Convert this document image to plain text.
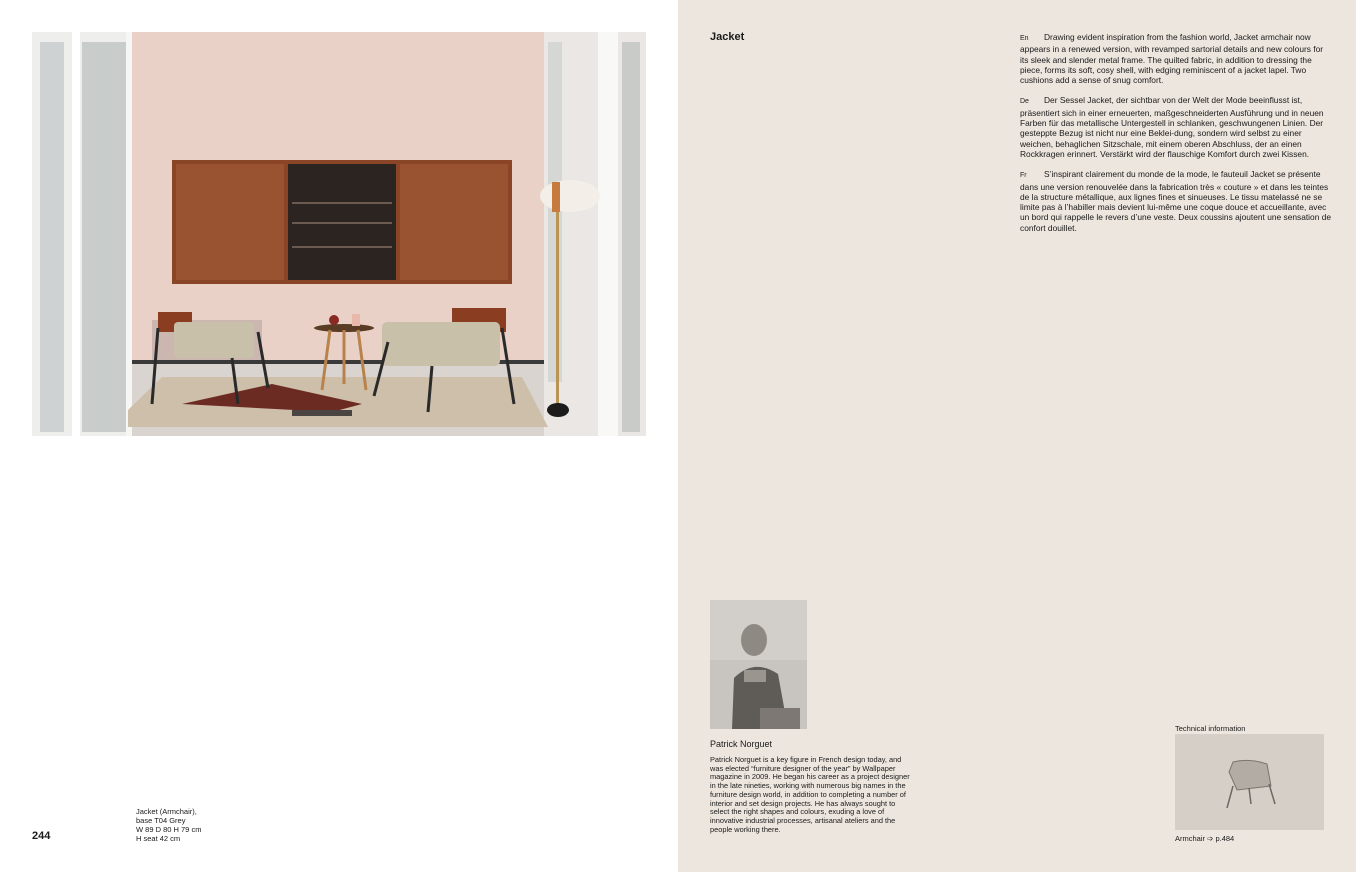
Jacket (Armchair),
base T04 Grey
W 89 D 80 H 79 cm
H seat 42 cm
244
Jacket	En Drawing evident inspiration from the fashion world, Jacket armchair now appears in a renewed version, with revamped sartorial details and new colours for its sleek and slender metal frame. The quilted fabric, in addition to dressing the piece, forms its soft, cosy shell, with edging reminiscent of a jacket lapel. Two cushions add a sense of snug comfort.
De Der Sessel Jacket, der sichtbar von der Welt der Mode beeinflusst ist, präsentiert sich in einer erneuerten, maßgeschneiderten Ausführung und in neuen Farben für das metallische Untergestell in schlanken, geschwungenen Linien. Der gesteppte Bezug ist nicht nur eine Beklei-dung, sondern wird selbst zu einer weichen, behaglichen Sitzschale, mit einem oberen Abschluss, der an einen Rockkragen erinnert. Verstärkt wird der flauschige Komfort durch zwei Kissen.
Fr S’inspirant clairement du monde de la mode, le fauteuil Jacket se présente dans une version renouvelée dans la fabrication très « couture » et dans les teintes de la structure métallique, aux lignes fines et sinueuses. Le tissu matelassé ne se limite pas à l’habiller mais devient lui-même une coque douce et accueillante, avec un bord qui rappelle le revers d’une veste. Deux coussins ajoutent une sensation de confort douillet.
Patrick Norguet
Patrick Norguet is a key figure in French design today, and was elected “furniture designer of the year” by Wallpaper magazine in 2009. He began his career as a project designer in the late nineties, working with numerous big names in the furniture design world, in addition to completing a number of interior and set design projects. He has always sought to select the right shapes and colours, exuding a love of innovative industrial processes, artisanal ateliers and the people working there.
Technical information
Armchair ➩ p.484
